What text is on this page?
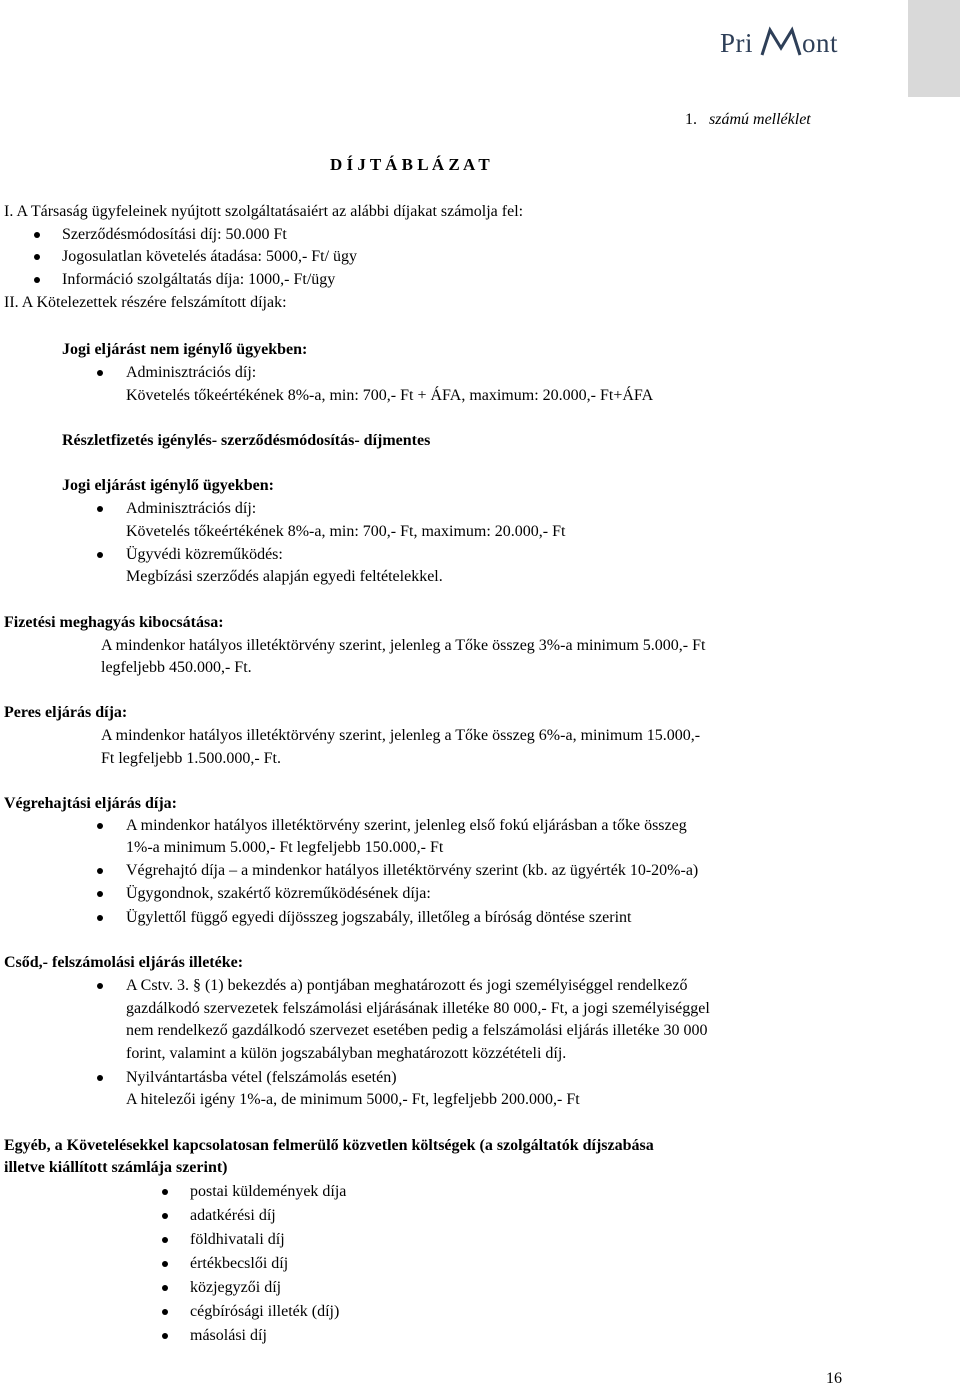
Pri ont
1. számú melléklet
D Í J T Á B L Á Z A T
I. A Társaság ügyfeleinek nyújtott szolgáltatásaiért az alábbi díjakat számolja fel:
Szerződésmódosítási díj: 50.000 Ft
Jogosulatlan követelés átadása: 5000,- Ft/ ügy
Információ szolgáltatás díja: 1000,- Ft/ügy
II. A Kötelezettek részére felszámított díjak:
Jogi eljárást nem igénylő ügyekben:
Adminisztrációs díj:
Követelés tőkeértékének 8%-a, min: 700,- Ft + ÁFA, maximum: 20.000,- Ft+ÁFA
Részletfizetés igénylés- szerződésmódosítás- díjmentes
Jogi eljárást igénylő ügyekben:
Adminisztrációs díj:
Követelés tőkeértékének 8%-a, min: 700,- Ft, maximum: 20.000,- Ft
Ügyvédi közreműködés:
Megbízási szerződés alapján egyedi feltételekkel.
Fizetési meghagyás kibocsátása:
A mindenkor hatályos illetéktörvény szerint, jelenleg a Tőke összeg 3%-a minimum 5.000,- Ft
legfeljebb 450.000,- Ft.
Peres eljárás díja:
A mindenkor hatályos illetéktörvény szerint, jelenleg a Tőke összeg 6%-a, minimum 15.000,-
Ft legfeljebb 1.500.000,- Ft.
Végrehajtási eljárás díja:
A mindenkor hatályos illetéktörvény szerint, jelenleg első fokú eljárásban a tőke összeg
1%-a minimum 5.000,- Ft legfeljebb 150.000,- Ft
Végrehajtó díja – a mindenkor hatályos illetéktörvény szerint (kb. az ügyérték 10-20%-a)
Ügygondnok, szakértő közreműködésének díja:
Ügylettől függő egyedi díjösszeg jogszabály, illetőleg a bíróság döntése szerint
Csőd,- felszámolási eljárás illetéke:
A Cstv. 3. § (1) bekezdés a) pontjában meghatározott és jogi személyiséggel rendelkező
gazdálkodó szervezetek felszámolási eljárásának illetéke 80 000,- Ft, a jogi személyiséggel
nem rendelkező gazdálkodó szervezet esetében pedig a felszámolási eljárás illetéke 30 000
forint, valamint a külön jogszabályban meghatározott közzétételi díj.
Nyilvántartásba vétel (felszámolás esetén)
A hitelezői igény 1%-a, de minimum 5000,- Ft, legfeljebb 200.000,- Ft
Egyéb, a Követelésekkel kapcsolatosan felmerülő közvetlen költségek (a szolgáltatók díjszabása
illetve kiállított számlája szerint)
postai küldemények díja
adatkérési díj
földhivatali díj
értékbecslői díj
közjegyzői díj
cégbírósági illeték (díj)
másolási díj
16
